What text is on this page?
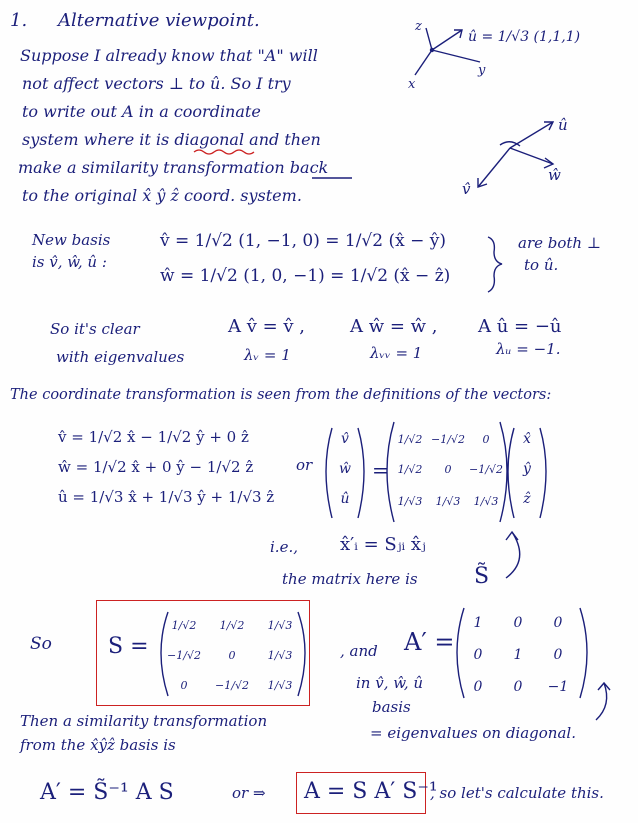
1. Alternative viewpoint.
Suppose I already know that "A" will
not affect vectors ⊥ to û. So I try
to write out A in a coordinate
system where it is diagonal and then
make a similarity transformation back
to the original x̂ ŷ ẑ coord. system.
z
x
y
û = 1/√3 (1,1,1)
û
ŵ
v̂
New basis
is v̂, ŵ, û :
v̂ = 1/√2 (1, −1, 0) = 1/√2 (x̂ − ŷ)
ŵ = 1/√2 (1, 0, −1) = 1/√2 (x̂ − ẑ)
are both ⊥
to û.
So it's clear
with eigenvalues
A v̂ = v̂ , A ŵ = ŵ , A û = −û
λᵥ = 1	λᵥᵥ = 1	λᵤ = −1.
The coordinate transformation is seen from the definitions of the vectors:
v̂ = 1/√2 x̂ − 1/√2 ŷ + 0 ẑ
ŵ = 1/√2 x̂ + 0 ŷ − 1/√2 ẑ
û = 1/√3 x̂ + 1/√3 ŷ + 1/√3 ẑ
or
v̂
ŵ
û
=
1/√2 −1/√2	0
1/√2	0	−1/√2
1/√3	1/√3	1/√3
x̂
ŷ
ẑ
i.e., x̂′ᵢ = Sⱼᵢ x̂ⱼ
the matrix here is	S̃
So	S =
1/√2	1/√2	1/√3
−1/√2	0	1/√3
0	−1/√2	1/√3
, and A′ =
1	0	0
0	1	0
0	0	−1
in v̂, ŵ, û
basis
= eigenvalues on diagonal.
Then a similarity transformation
from the x̂ŷẑ basis is
A′ = S̃⁻¹ A S	or ⇒ A = S A′ S⁻¹
, so let's calculate this.
